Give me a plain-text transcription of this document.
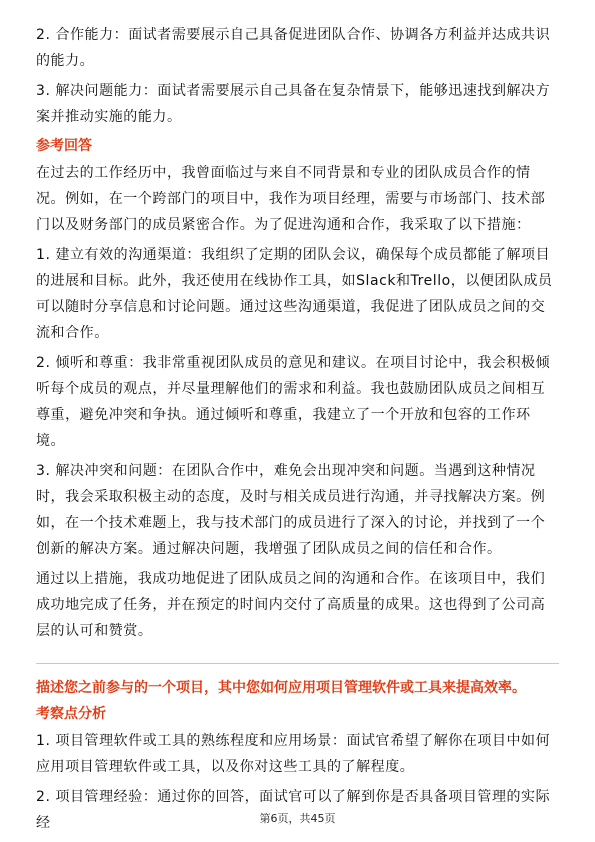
2. 合作能力：面试者需要展示自己具备促进团队合作、协调各方利益并达成共识的能力。

3. 解决问题能力：面试者需要展示自己具备在复杂情景下，能够迅速找到解决方案并推动实施的能力。

参考回答

在过去的工作经历中，我曾面临过与来自不同背景和专业的团队成员合作的情况。例如，在一个跨部门的项目中，我作为项目经理，需要与市场部门、技术部门以及财务部门的成员紧密合作。为了促进沟通和合作，我采取了以下措施：

1. 建立有效的沟通渠道：我组织了定期的团队会议，确保每个成员都能了解项目的进展和目标。此外，我还使用在线协作工具，如Slack和Trello，以便团队成员可以随时分享信息和讨论问题。通过这些沟通渠道，我促进了团队成员之间的交流和合作。

2. 倾听和尊重：我非常重视团队成员的意见和建议。在项目讨论中，我会积极倾听每个成员的观点，并尽量理解他们的需求和利益。我也鼓励团队成员之间相互尊重，避免冲突和争执。通过倾听和尊重，我建立了一个开放和包容的工作环境。

3. 解决冲突和问题：在团队合作中，难免会出现冲突和问题。当遇到这种情况时，我会采取积极主动的态度，及时与相关成员进行沟通，并寻找解决方案。例如，在一个技术难题上，我与技术部门的成员进行了深入的讨论，并找到了一个创新的解决方案。通过解决问题，我增强了团队成员之间的信任和合作。

通过以上措施，我成功地促进了团队成员之间的沟通和合作。在该项目中，我们成功地完成了任务，并在预定的时间内交付了高质量的成果。这也得到了公司高层的认可和赞赏。

描述您之前参与的一个项目，其中您如何应用项目管理软件或工具来提高效率。
考察点分析

1. 项目管理软件或工具的熟练程度和应用场景：面试官希望了解你在项目中如何应用项目管理软件或工具，以及你对这些工具的了解程度。

2. 项目管理经验：通过你的回答，面试官可以了解到你是否具备项目管理的实际经	第6页，共45页
